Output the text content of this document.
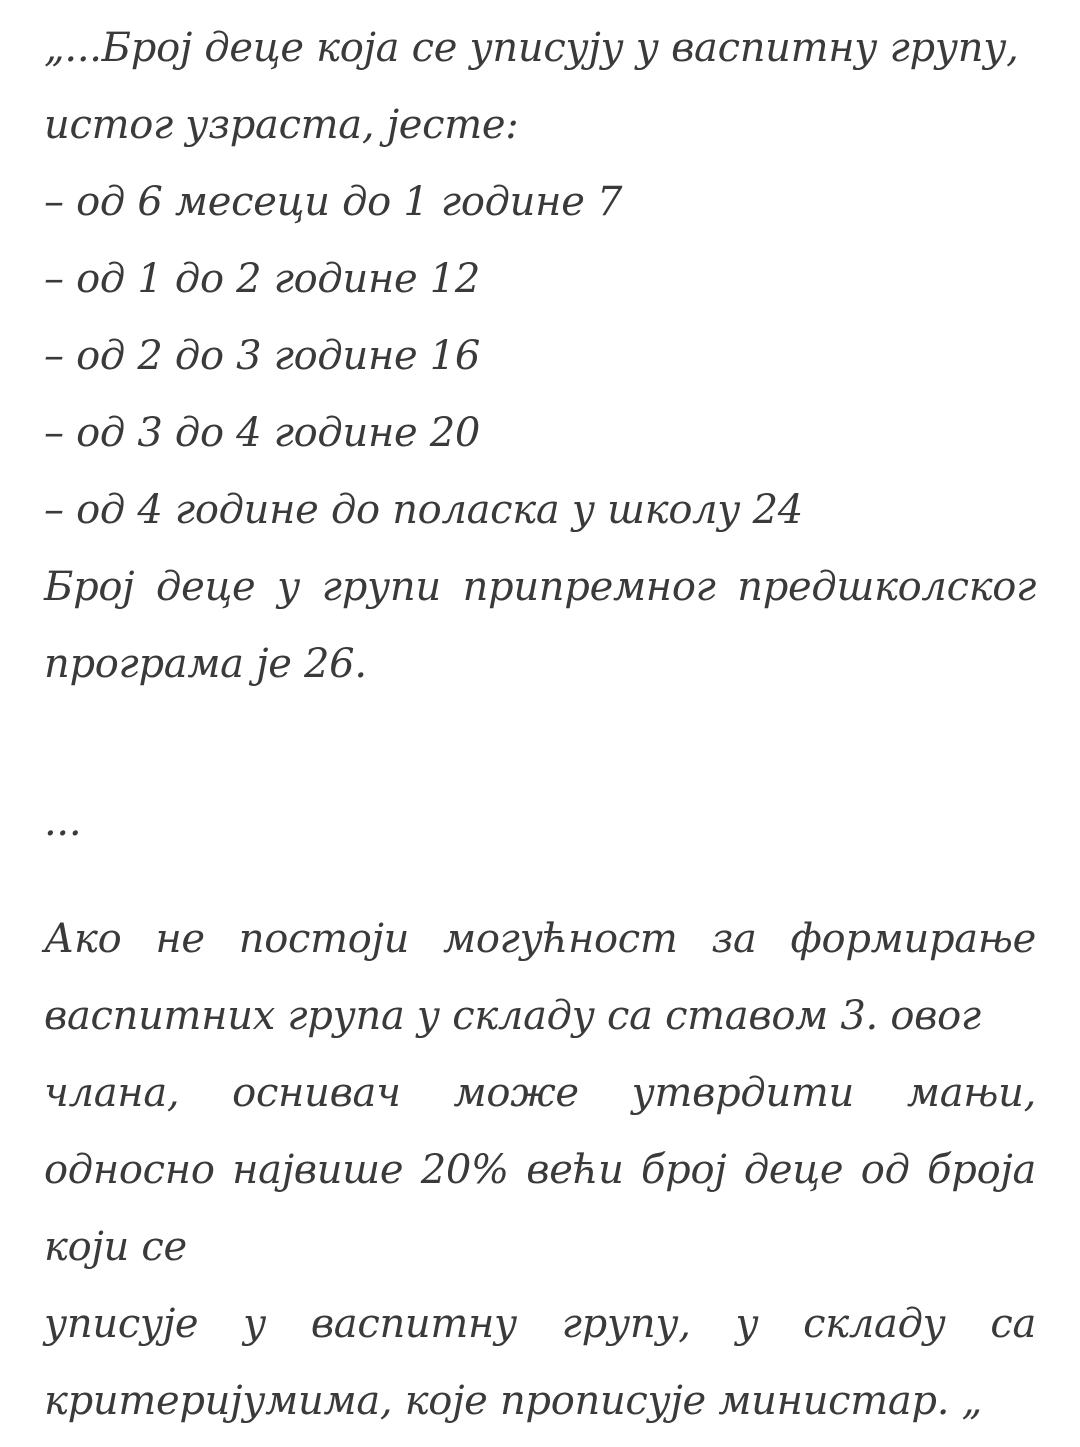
„...Број деце која се уписују у васпитну групу,
истог узраста, јесте:
– од 6 месеци до 1 године 7
– од 1 до 2 године 12
– од 2 до 3 године 16
– од 3 до 4 године 20
– од 4 године до поласка у школу 24
Број деце у групи припремног предшколског
програма је 26.
...
Ако не постоји могућност за формирање
васпитних група у складу са ставом 3. овог
члана, оснивач може утврдити мањи,
односно највише 20% већи број деце од броја
који се
уписује у васпитну групу, у складу са
критеријумима, које прописује министар. „
